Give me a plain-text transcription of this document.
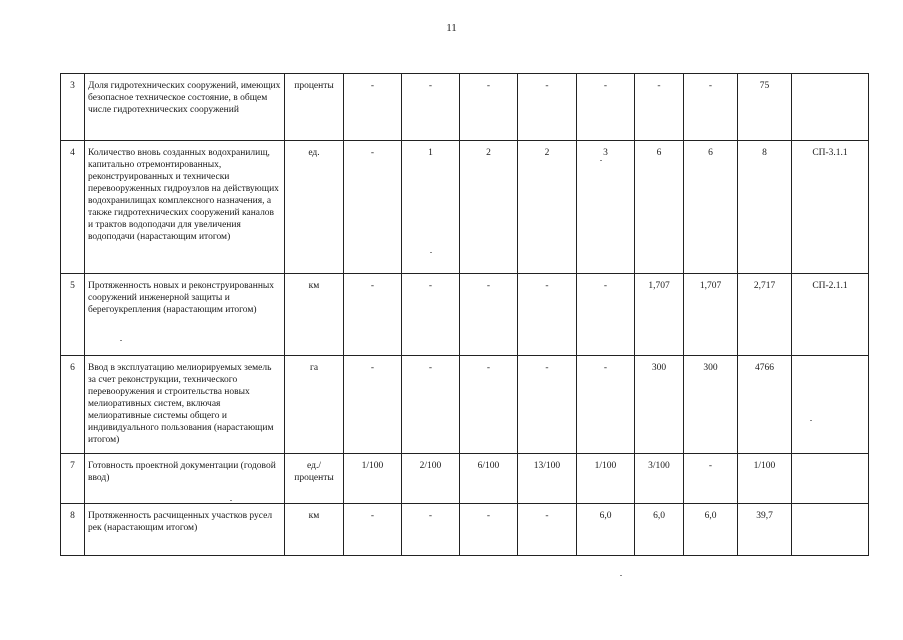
11
3	Доля гидротехнических сооружений, имеющих безопасное техническое состояние, в общем числе гидротехнических сооружений	проценты	-	-	-	-	-	-	-	75	
4	Количество вновь созданных водохранилищ, капитально отремонтированных, реконструированных и технически перевооруженных гидроузлов на действующих водохранилищах комплексного назначения, а также гидротехнических сооружений каналов и трактов водоподачи для увеличения водоподачи (нарастающим итогом)	ед.	-	1	2	2	3	6	6	8	СП-3.1.1
5	Протяженность новых и реконструированных сооружений инженерной защиты и берегоукрепления (нарастающим итогом)	км	-	-	-	-	-	1,707	1,707	2,717	СП-2.1.1
6	Ввод в эксплуатацию мелиорируемых земель за счет реконструкции, технического перевооружения и строительства новых мелиоративных систем, включая мелиоративные системы общего и индивидуального пользования (нарастающим итогом)	га	-	-	-	-	-	300	300	4766	
7	Готовность проектной документации (годовой ввод)	ед./ проценты	1/100	2/100	6/100	13/100	1/100	3/100	-	1/100	
8	Протяженность расчищенных участков русел рек (нарастающим итогом)	км	-	-	-	-	6,0	6,0	6,0	39,7	
